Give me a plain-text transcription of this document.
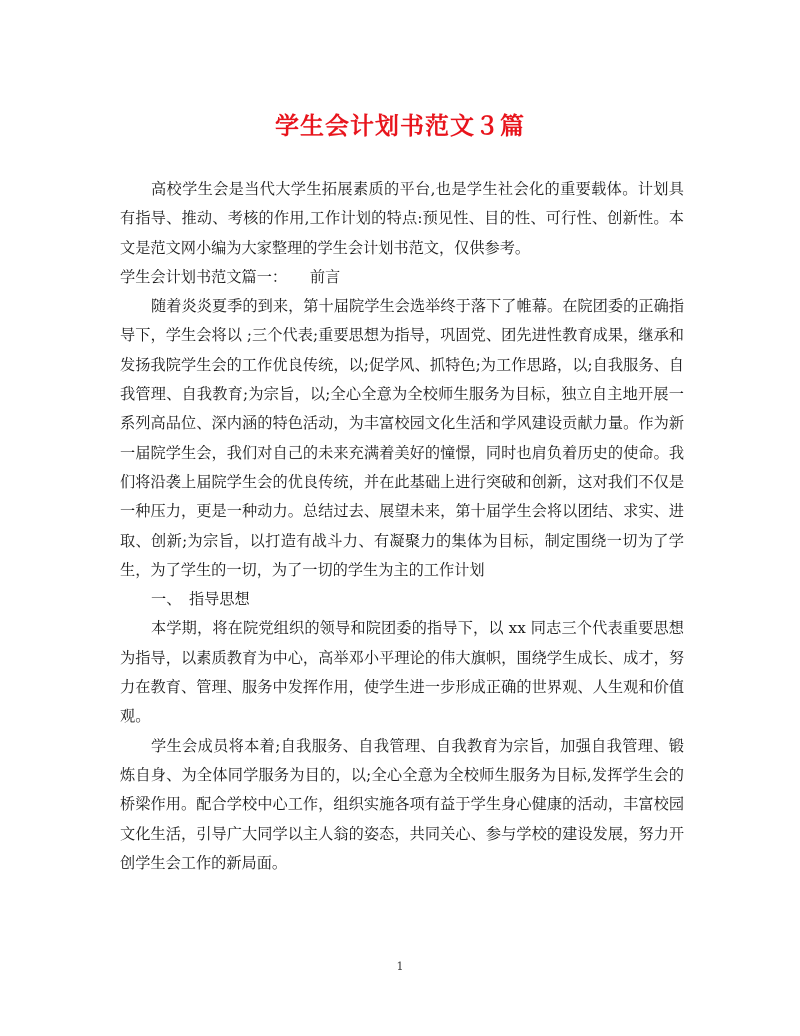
学生会计划书范文３篇

高校学生会是当代大学生拓展素质的平台,也是学生社会化的重要载体。计划具有指导、推动、考核的作用,工作计划的特点:预见性、目的性、可行性、创新性。本文是范文网小编为大家整理的学生会计划书范文，仅供参考。

学生会计划书范文篇一：　　前言

随着炎炎夏季的到来，第十届院学生会选举终于落下了帷幕。在院团委的正确指导下，学生会将以 ;三个代表;重要思想为指导，巩固党、团先进性教育成果，继承和发扬我院学生会的工作优良传统，以;促学风、抓特色;为工作思路，以;自我服务、自我管理、自我教育;为宗旨，以;全心全意为全校师生服务为目标，独立自主地开展一系列高品位、深内涵的特色活动，为丰富校园文化生活和学风建设贡献力量。作为新一届院学生会，我们对自己的未来充满着美好的憧憬，同时也肩负着历史的使命。我们将沿袭上届院学生会的优良传统，并在此基础上进行突破和创新，这对我们不仅是一种压力，更是一种动力。总结过去、展望未来，第十届学生会将以团结、求实、进取、创新;为宗旨，以打造有战斗力、有凝聚力的集体为目标，制定围绕一切为了学生，为了学生的一切，为了一切的学生为主的工作计划

一、　指导思想

本学期，将在院党组织的领导和院团委的指导下，以 xx 同志三个代表重要思想为指导，以素质教育为中心，高举邓小平理论的伟大旗帜，围绕学生成长、成才，努力在教育、管理、服务中发挥作用，使学生进一步形成正确的世界观、人生观和价值观。

学生会成员将本着;自我服务、自我管理、自我教育为宗旨，加强自我管理、锻炼自身、为全体同学服务为目的，以;全心全意为全校师生服务为目标,发挥学生会的桥梁作用。配合学校中心工作，组织实施各项有益于学生身心健康的活动，丰富校园文化生活，引导广大同学以主人翁的姿态，共同关心、参与学校的建设发展，努力开创学生会工作的新局面。

1
